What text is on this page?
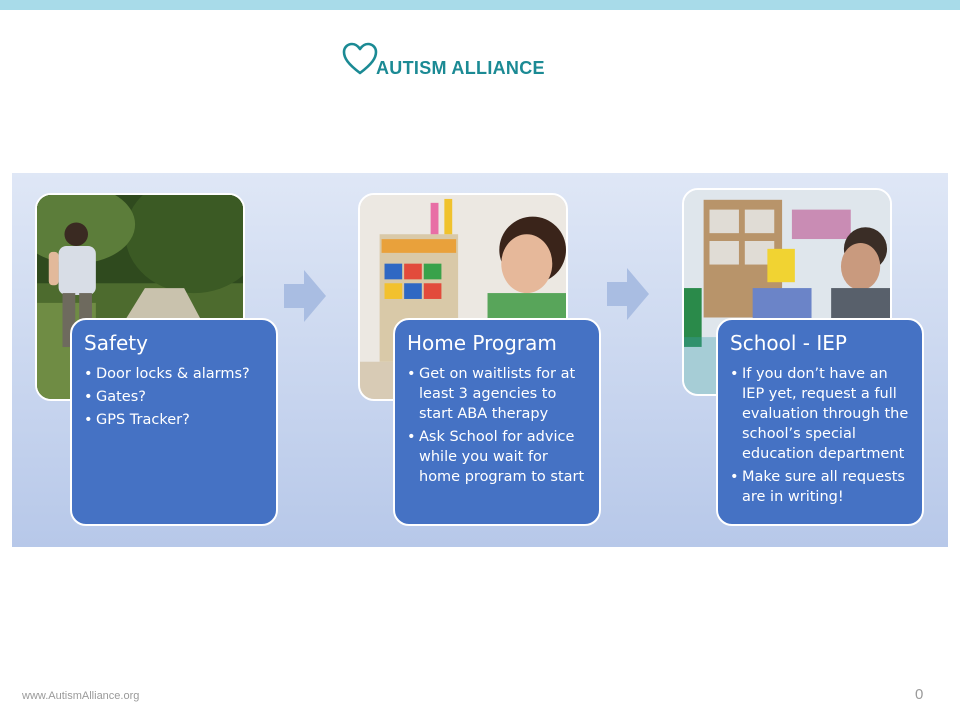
AUTISM ALLIANCE
Safety
• Door locks & alarms?
• Gates?
• GPS Tracker?
Home Program
• Get on waitlists for at least 3 agencies to start ABA therapy
• Ask School for advice while you wait for home program to start
School - IEP
• If you don’t have an IEP yet, request a full evaluation through the school’s special education department
• Make sure all requests are in writing!
www.AutismAlliance.org	0
